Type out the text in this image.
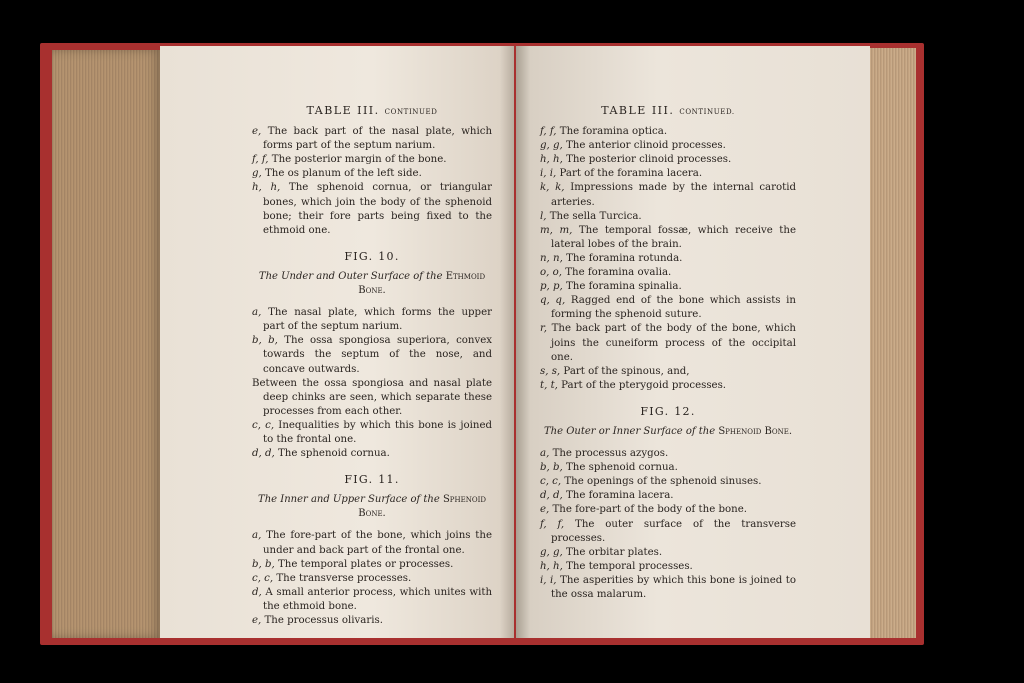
TABLE III. CONTINUED
e, The back part of the nasal plate, which forms part of the septum narium.
f, f, The posterior margin of the bone.
g, The os planum of the left side.
h, h, The sphenoid cornua, or triangular bones, which join the body of the sphenoid bone; their fore parts being fixed to the ethmoid one.
FIG. 10.
The Under and Outer Surface of the Ethmoid Bone.
a, The nasal plate, which forms the upper part of the septum narium.
b, b, The ossa spongiosa superiora, convex towards the septum of the nose, and concave outwards.
Between the ossa spongiosa and nasal plate deep chinks are seen, which separate these processes from each other.
c, c, Inequalities by which this bone is joined to the frontal one.
d, d, The sphenoid cornua.
FIG. 11.
The Inner and Upper Surface of the Sphenoid Bone.
a, The fore-part of the bone, which joins the under and back part of the frontal one.
b, b, The temporal plates or processes.
c, c, The transverse processes.
d, A small anterior process, which unites with the ethmoid bone.
e, The processus olivaris.
TABLE III. CONTINUED.
f, f, The foramina optica.
g, g, The anterior clinoid processes.
h, h, The posterior clinoid processes.
i, i, Part of the foramina lacera.
k, k, Impressions made by the internal carotid arteries.
l, The sella Turcica.
m, m, The temporal fossæ, which receive the lateral lobes of the brain.
n, n, The foramina rotunda.
o, o, The foramina ovalia.
p, p, The foramina spinalia.
q, q, Ragged end of the bone which assists in forming the sphenoid suture.
r, The back part of the body of the bone, which joins the cuneiform process of the occipital one.
s, s, Part of the spinous, and,
t, t, Part of the pterygoid processes.
FIG. 12.
The Outer or Inner Surface of the Sphenoid Bone.
a, The processus azygos.
b, b, The sphenoid cornua.
c, c, The openings of the sphenoid sinuses.
d, d, The foramina lacera.
e, The fore-part of the body of the bone.
f, f, The outer surface of the transverse processes.
g, g, The orbitar plates.
h, h, The temporal processes.
i, i, The asperities by which this bone is joined to the ossa malarum.
